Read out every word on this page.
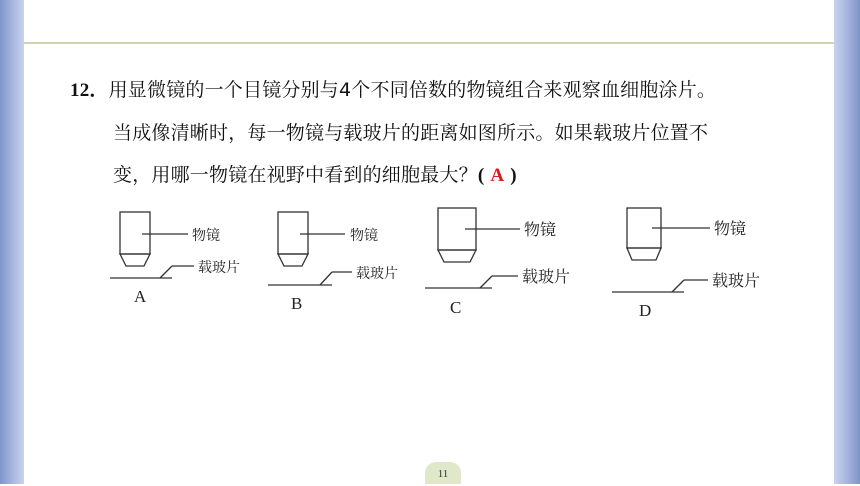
12．用显微镜的一个目镜分别与4个不同倍数的物镜组合来观察血细胞涂片。
当成像清晰时，每一物镜与载玻片的距离如图所示。如果载玻片位置不
变，用哪一物镜在视野中看到的细胞最大？( A )
物镜
载玻片
物镜
载玻片
物镜
载玻片
物镜
载玻片
A	B	C	D
11
